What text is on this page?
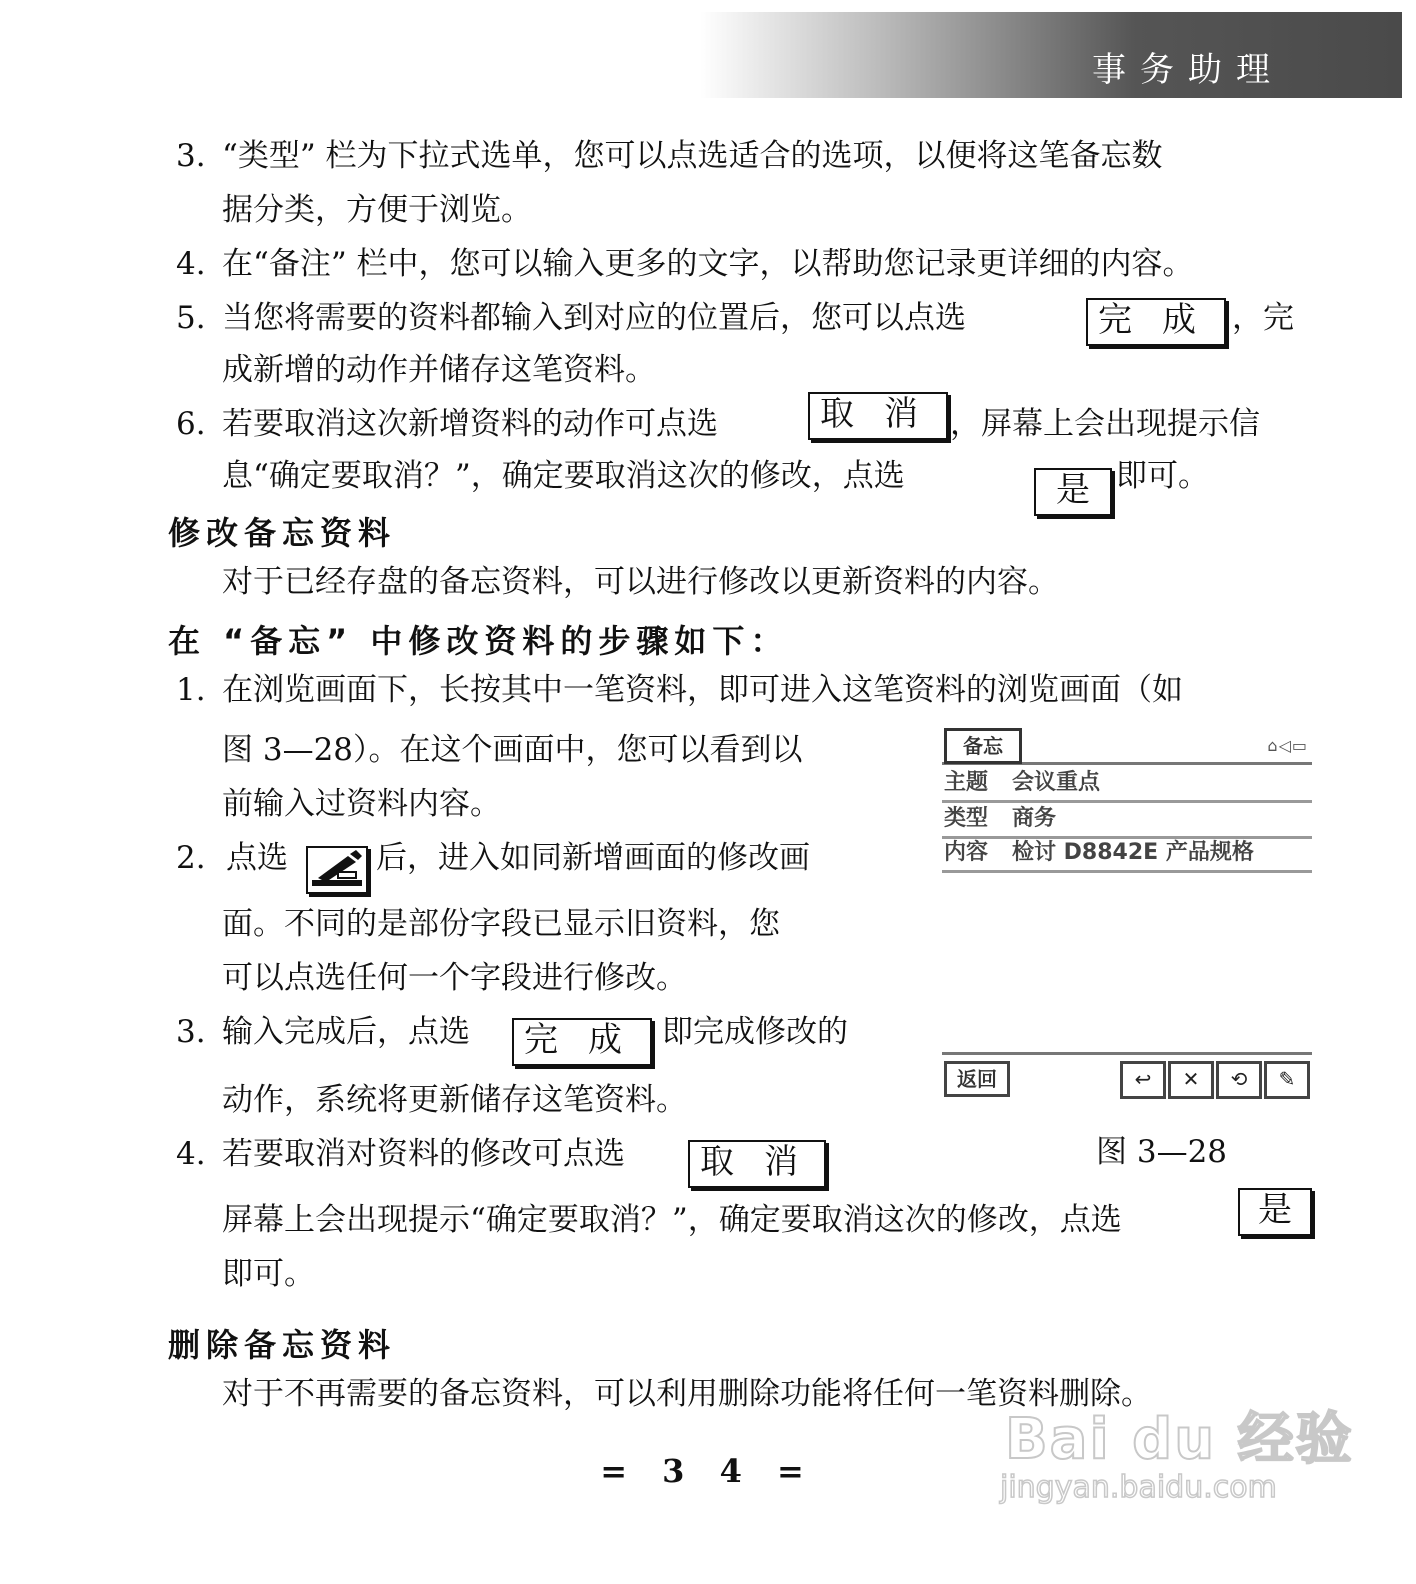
事务助理
3. “类型” 栏为下拉式选单，您可以点选适合的选项，以便将这笔备忘数
据分类，方便于浏览。
4. 在“备注” 栏中，您可以输入更多的文字，以帮助您记录更详细的内容。
5. 当您将需要的资料都输入到对应的位置后，您可以点选	完成 ，完
成新增的动作并储存这笔资料。
6. 若要取消这次新增资料的动作可点选	取消 ，屏幕上会出现提示信
息“确定要取消？”，确定要取消这次的修改，点选	是 即可。
修改备忘资料
对于已经存盘的备忘资料，可以进行修改以更新资料的内容。
在 “备忘” 中修改资料的步骤如下：
1. 在浏览画面下，长按其中一笔资料，即可进入这笔资料的浏览画面（如
图 3—28）。在这个画面中，您可以看到以
前输入过资料内容。
2. 点选	后，进入如同新增画面的修改画
面。不同的是部份字段已显示旧资料，您
可以点选任何一个字段进行修改。
3. 输入完成后，点选	完成 即完成修改的
动作，系统将更新储存这笔资料。
4. 若要取消对资料的修改可点选	取消
屏幕上会出现提示“确定要取消？”，确定要取消这次的修改，点选	是
即可。
备忘	⌂◁▭
主题 会议重点
类型 商务
内容 检讨 D8842E 产品规格
返回	↩	✕	⟲	✎
图 3—28
删除备忘资料
对于不再需要的备忘资料，可以利用删除功能将任何一笔资料删除。
= 3 4 =	Bai du 经验
jingyan.baidu.com
